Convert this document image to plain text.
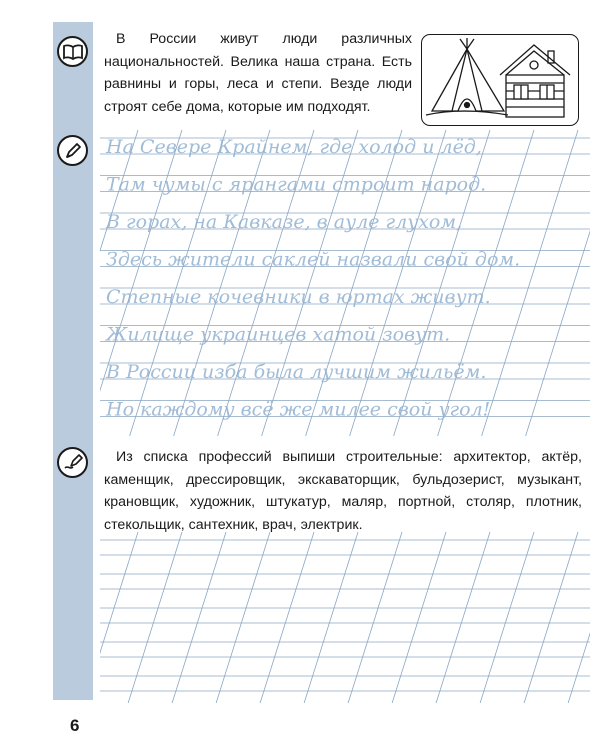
В России живут люди различных национальностей. Велика наша страна. Есть равнины и горы, леса и степи. Везде люди строят себе дома, которые им подходят.

На Севере Крайнем, где холод и лёд,
Там чумы с ярангами строит народ.
В горах, на Кавказе, в ауле глухом,
Здесь жители саклей назвали свой дом.
Степные кочевники в юртах живут.
Жилище украинцев хатой зовут.
В России изба была лучшим жильём.
Но каждому всё же милее свой угол!

Из списка профессий выпиши строительные: архитектор, актёр, каменщик, дрессировщик, экскаваторщик, бульдозерист, музыкант, крановщик, художник, штукатур, маляр, портной, столяр, плотник, стекольщик, сантехник, врач, электрик.

6
